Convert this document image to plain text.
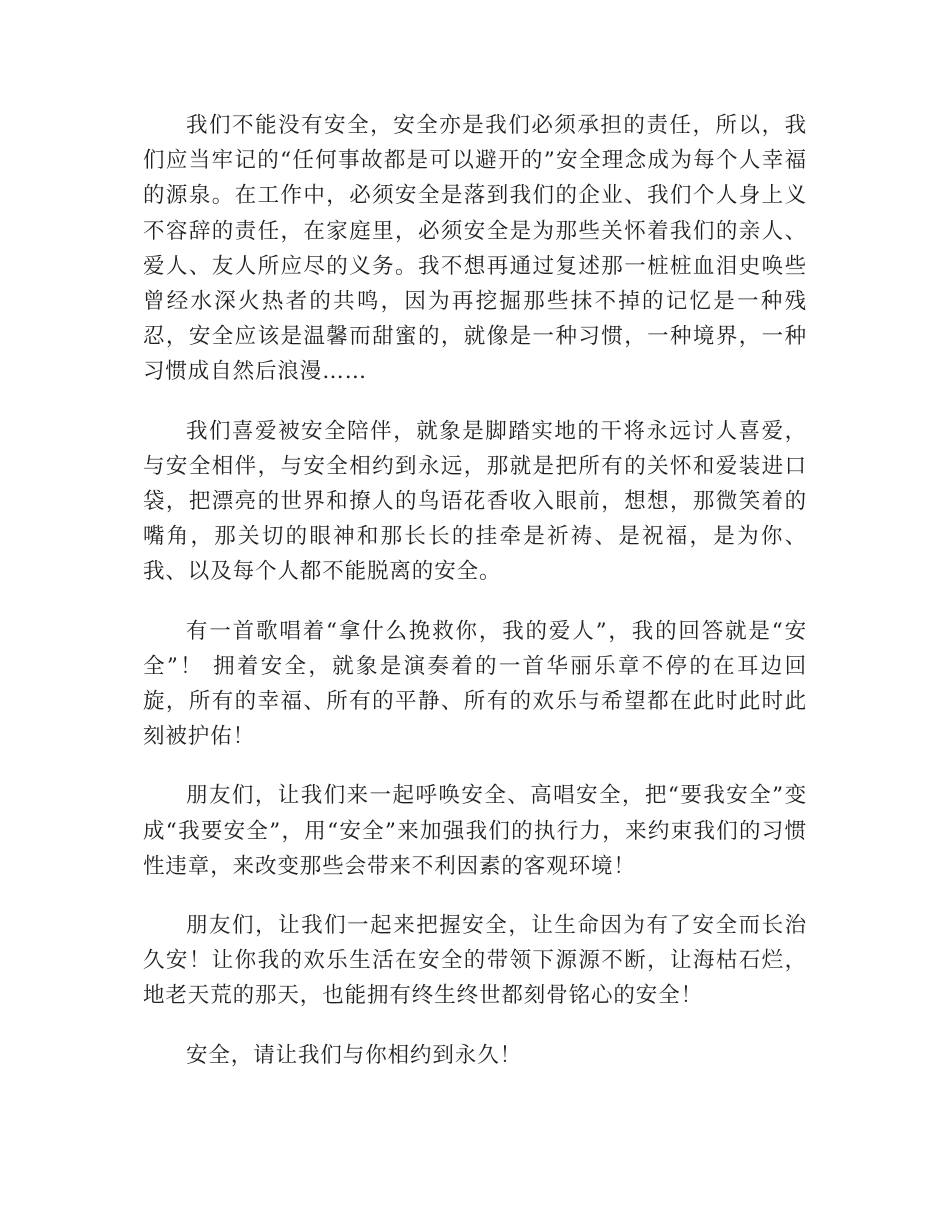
我们不能没有安全，安全亦是我们必须承担的责任，所以，我们应当牢记的“任何事故都是可以避开的”安全理念成为每个人幸福的源泉。在工作中，必须安全是落到我们的企业、我们个人身上义不容辞的责任，在家庭里，必须安全是为那些关怀着我们的亲人、爱人、友人所应尽的义务。我不想再通过复述那一桩桩血泪史唤些曾经水深火热者的共鸣，因为再挖掘那些抹不掉的记忆是一种残忍，安全应该是温馨而甜蜜的，就像是一种习惯，一种境界，一种习惯成自然后浪漫……

我们喜爱被安全陪伴，就象是脚踏实地的干将永远讨人喜爱，与安全相伴，与安全相约到永远，那就是把所有的关怀和爱装进口袋，把漂亮的世界和撩人的鸟语花香收入眼前，想想，那微笑着的嘴角，那关切的眼神和那长长的挂牵是祈祷、是祝福，是为你、我、以及每个人都不能脱离的安全。

有一首歌唱着“拿什么挽救你，我的爱人”，我的回答就是“安全”！ 拥着安全，就象是演奏着的一首华丽乐章不停的在耳边回旋，所有的幸福、所有的平静、所有的欢乐与希望都在此时此时此刻被护佑！

朋友们，让我们来一起呼唤安全、高唱安全，把“要我安全”变成“我要安全”，用“安全”来加强我们的执行力，来约束我们的习惯性违章，来改变那些会带来不利因素的客观环境！

朋友们，让我们一起来把握安全，让生命因为有了安全而长治久安！让你我的欢乐生活在安全的带领下源源不断，让海枯石烂，地老天荒的那天，也能拥有终生终世都刻骨铭心的安全！

安全，请让我们与你相约到永久！
